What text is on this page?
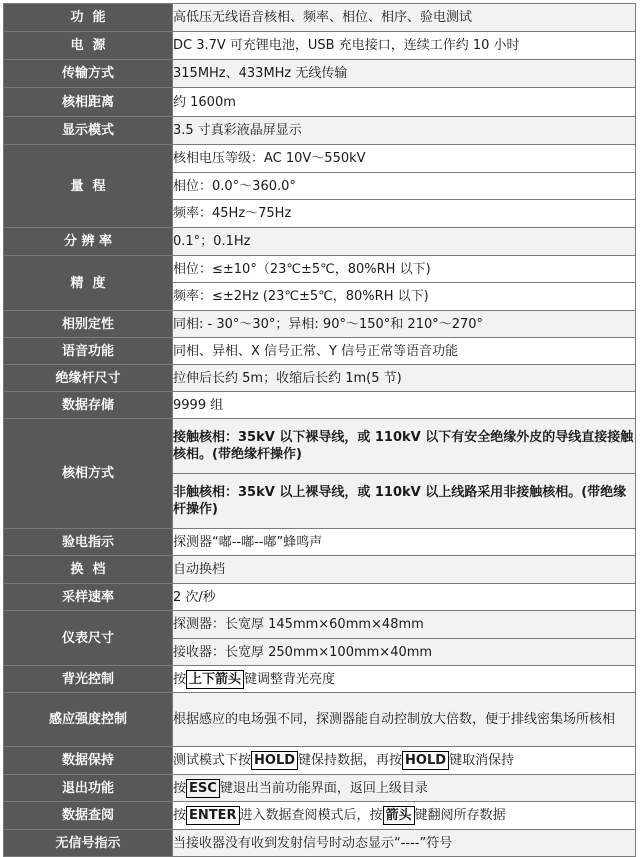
功  能	高低压无线语音核相、频率、相位、相序、验电测试
电  源	DC 3.7V 可充锂电池，USB 充电接口，连续工作约 10 小时
传输方式	315MHz、433MHz 无线传输
核相距离	约 1600m
显示模式	3.5 寸真彩液晶屏显示
量  程	核相电压等级：AC 10V～550kV
	相位：0.0°～360.0°
	频率：45Hz～75Hz
分 辨 率	0.1°；0.1Hz
精  度	相位：≤±10°（23℃±5℃，80%RH 以下)
	频率：≤±2Hz (23℃±5℃，80%RH 以下)
相别定性	同相: - 30°～30°；异相: 90°～150°和 210°～270°
语音功能	同相、异相、X 信号正常、Y 信号正常等语音功能
绝缘杆尺寸	拉伸后长约 5m；收缩后长约 1m(5 节)
数据存储	9999 组
核相方式	接触核相：35kV 以下裸导线，或 110kV 以下有安全绝缘外皮的导线直接接触核相。(带绝缘杆操作)
	非触核相：35kV 以上裸导线，或 110kV 以上线路采用非接触核相。(带绝缘杆操作)
验电指示	探测器“嘟--嘟--嘟”蜂鸣声
换  档	自动换档
采样速率	2 次/秒
仪表尺寸	探测器：长宽厚 145mm×60mm×48mm
	接收器：长宽厚 250mm×100mm×40mm
背光控制	按 上下箭头 键调整背光亮度
感应强度控制	根据感应的电场强不同，探测器能自动控制放大倍数，便于排线密集场所核相
数据保持	测试模式下按 HOLD 键保持数据，再按 HOLD 键取消保持
退出功能	按 ESC 键退出当前功能界面，返回上级目录
数据查阅	按 ENTER 进入数据查阅模式后，按 箭头 键翻阅所存数据
无信号指示	当接收器没有收到发射信号时动态显示“----”符号
